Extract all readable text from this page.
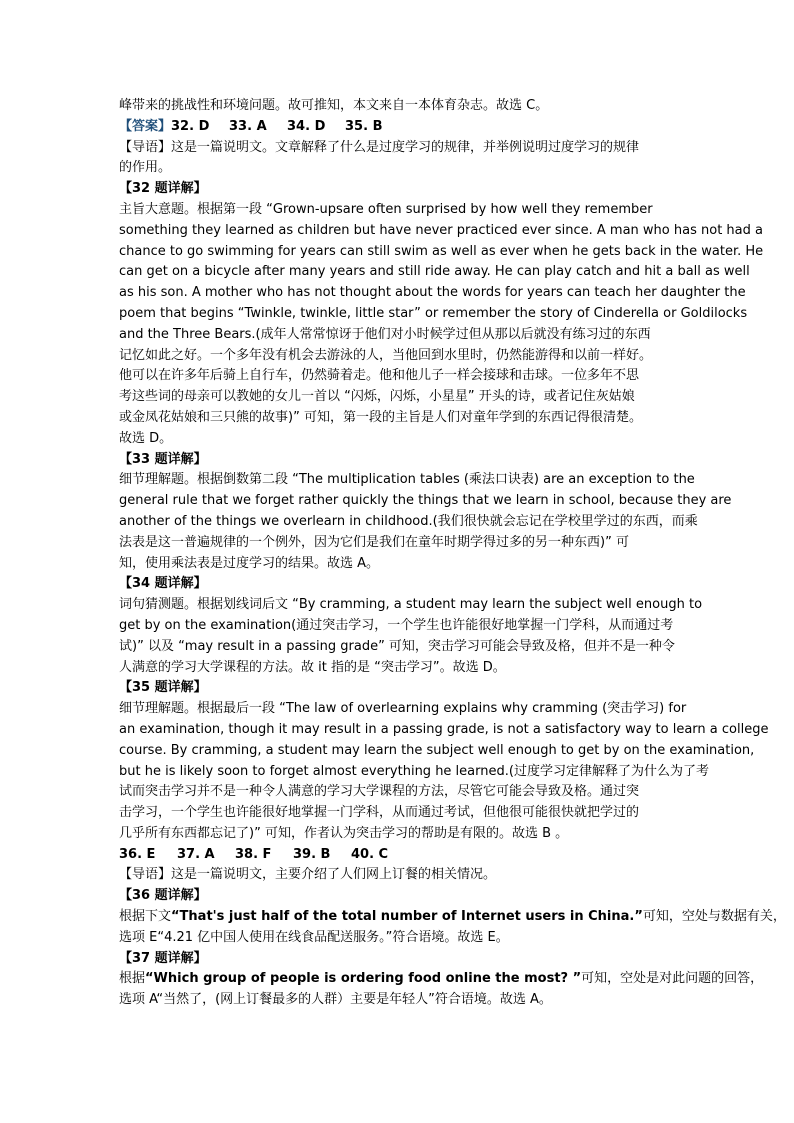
峰带来的挑战性和环境问题。故可推知，本文来自一本体育杂志。故选 C。
【答案】32. D 33. A 34. D 35. B
【导语】这是一篇说明文。文章解释了什么是过度学习的规律，并举例说明过度学习的规律
的作用。
【32 题详解】
主旨大意题。根据第一段 “Grown-upsare often surprised by how well they remember
something they learned as children but have never practiced ever since. A man who has not had a
chance to go swimming for years can still swim as well as ever when he gets back in the water. He
can get on a bicycle after many years and still ride away. He can play catch and hit a ball as well
as his son. A mother who has not thought about the words for years can teach her daughter the
poem that begins “Twinkle, twinkle, little star” or remember the story of Cinderella or Goldilocks
and the Three Bears.(成年人常常惊讶于他们对小时候学过但从那以后就没有练习过的东西
记忆如此之好。一个多年没有机会去游泳的人，当他回到水里时，仍然能游得和以前一样好。
他可以在许多年后骑上自行车，仍然骑着走。他和他儿子一样会接球和击球。一位多年不思
考这些词的母亲可以教她的女儿一首以 “闪烁，闪烁，小星星” 开头的诗，或者记住灰姑娘
或金凤花姑娘和三只熊的故事)” 可知，第一段的主旨是人们对童年学到的东西记得很清楚。
故选 D。
【33 题详解】
细节理解题。根据倒数第二段 “The multiplication tables (乘法口诀表) are an exception to the
general rule that we forget rather quickly the things that we learn in school, because they are
another of the things we overlearn in childhood.(我们很快就会忘记在学校里学过的东西，而乘
法表是这一普遍规律的一个例外，因为它们是我们在童年时期学得过多的另一种东西)” 可
知，使用乘法表是过度学习的结果。故选 A。
【34 题详解】
词句猜测题。根据划线词后文 “By cramming, a student may learn the subject well enough to
get by on the examination(通过突击学习，一个学生也许能很好地掌握一门学科，从而通过考
试)” 以及 “may result in a passing grade” 可知，突击学习可能会导致及格，但并不是一种令
人满意的学习大学课程的方法。故 it 指的是 “突击学习”。故选 D。
【35 题详解】
细节理解题。根据最后一段 “The law of overlearning explains why cramming (突击学习) for
an examination, though it may result in a passing grade, is not a satisfactory way to learn a college
course. By cramming, a student may learn the subject well enough to get by on the examination,
but he is likely soon to forget almost everything he learned.(过度学习定律解释了为什么为了考
试而突击学习并不是一种令人满意的学习大学课程的方法，尽管它可能会导致及格。通过突
击学习，一个学生也许能很好地掌握一门学科，从而通过考试，但他很可能很快就把学过的
几乎所有东西都忘记了)” 可知，作者认为突击学习的帮助是有限的。故选 B 。
36. E 37. A 38. F 39. B 40. C
【导语】这是一篇说明文，主要介绍了人们网上订餐的相关情况。
【36 题详解】
根据下文“That's just half of the total number of Internet users in China.”可知，空处与数据有关，
选项 E“4.21 亿中国人使用在线食品配送服务。”符合语境。故选 E。
【37 题详解】
根据“Which group of people is ordering food online the most? ”可知，空处是对此问题的回答，
选项 A“当然了，(网上订餐最多的人群）主要是年轻人”符合语境。故选 A。
